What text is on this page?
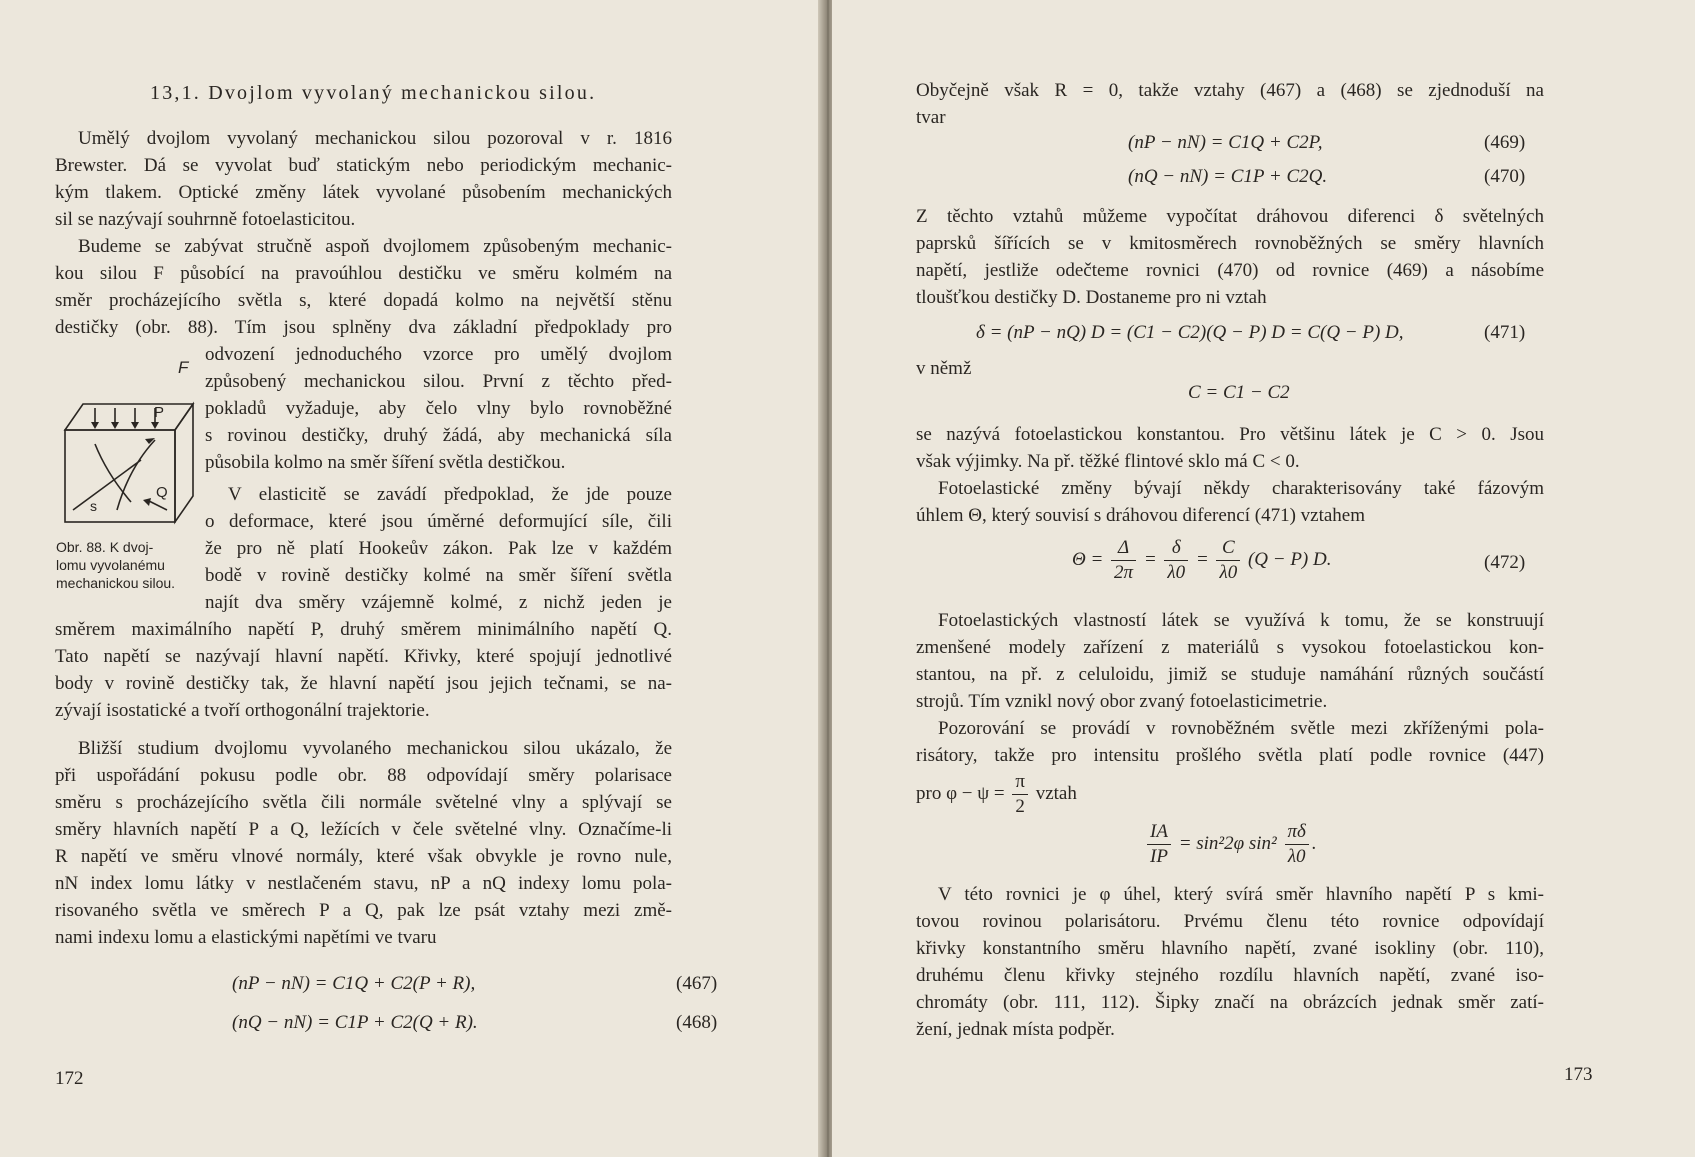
13,1. Dvojlom vyvolaný mechanickou silou.
Umělý dvojlom vyvolaný mechanickou silou pozoroval v r. 1816
Brewster. Dá se vyvolat buď statickým nebo periodickým mechanic-
kým tlakem. Optické změny látek vyvolané působením mechanických
sil se nazývají souhrnně fotoelasticitou.
Budeme se zabývat stručně aspoň dvojlomem způsobeným mechanic-
kou silou F působící na pravoúhlou destičku ve směru kolmém na
směr procházejícího světla s, které dopadá kolmo na největší stěnu
destičky (obr. 88). Tím jsou splněny dva základní předpoklady pro
odvození jednoduchého vzorce pro umělý dvojlom
způsobený mechanickou silou. První z těchto před-
pokladů vyžaduje, aby čelo vlny bylo rovnoběžné
s rovinou destičky, druhý žádá, aby mechanická síla
působila kolmo na směr šíření světla destičkou.
V elasticitě se zavádí předpoklad, že jde pouze
o deformace, které jsou úměrné deformující síle, čili
že pro ně platí Hookeův zákon. Pak lze v každém
bodě v rovině destičky kolmé na směr šíření světla
najít dva směry vzájemně kolmé, z nichž jeden je
směrem maximálního napětí P, druhý směrem minimálního napětí Q.
Tato napětí se nazývají hlavní napětí. Křivky, které spojují jednotlivé
body v rovině destičky tak, že hlavní napětí jsou jejich tečnami, se na-
zývají isostatické a tvoří orthogonální trajektorie.
Bližší studium dvojlomu vyvolaného mechanickou silou ukázalo, že
při uspořádání pokusu podle obr. 88 odpovídají směry polarisace
směru s procházejícího světla čili normále světelné vlny a splývají se
směry hlavních napětí P a Q, ležících v čele světelné vlny. Označíme-li
R napětí ve směru vlnové normály, které však obvykle je rovno nule,
nN index lomu látky v nestlačeném stavu, nP a nQ indexy lomu pola-
risovaného světla ve směrech P a Q, pak lze psát vztahy mezi změ-
nami indexu lomu a elastickými napětími ve tvaru
(nP − nN) = C1Q + C2(P + R),	(467)
(nQ − nN) = C1P + C2(Q + R).	(468)
F
P
Q
s
Obr. 88. K dvoj-
lomu vyvolanému
mechanickou silou.
172
Obyčejně však R = 0, takže vztahy (467) a (468) se zjednoduší na
tvar
(nP − nN) = C1Q + C2P,	(469)
(nQ − nN) = C1P + C2Q.	(470)
Z těchto vztahů můžeme vypočítat dráhovou diferenci δ světelných
paprsků šířících se v kmitosměrech rovnoběžných se směry hlavních
napětí, jestliže odečteme rovnici (470) od rovnice (469) a násobíme
tloušťkou destičky D. Dostaneme pro ni vztah
δ = (nP − nQ) D = (C1 − C2)(Q − P) D = C(Q − P) D,	(471)
v němž
C = C1 − C2
se nazývá fotoelastickou konstantou. Pro většinu látek je C > 0. Jsou
však výjimky. Na př. těžké flintové sklo má C < 0.
Fotoelastické změny bývají někdy charakterisovány také fázovým
úhlem Θ, který souvisí s dráhovou diferencí (471) vztahem
$\Theta = \frac{\Delta}{2\pi} = \frac{\delta}{\lambda 0} = \frac{C}{\lambda 0} (Q - P)$ D.	(472)
Fotoelastických vlastností látek se využívá k tomu, že se konstruují
zmenšené modely zařízení z materiálů s vysokou fotoelastickou kon-
stantou, na př. z celuloidu, jimiž se studuje namáhání různých součástí
strojů. Tím vznikl nový obor zvaný fotoelasticimetrie.
Pozorování se provádí v rovnoběžném světle mezi zkříženými pola-
risátory, takže pro intensitu prošlého světla platí podle rovnice (447)
pro $\varphi - \psi = \frac{\pi}{2}$ vztah
$\frac{IA}{IP} = \sin^22\varphi$ $\sin^2 \frac{\pi\delta}{\lambda 0}$ .
V této rovnici je φ úhel, který svírá směr hlavního napětí P s kmi-
tovou rovinou polarisátoru. Prvému členu této rovnice odpovídají
křivky konstantního směru hlavního napětí, zvané isokliny (obr. 110),
druhému členu křivky stejného rozdílu hlavních napětí, zvané iso-
chromáty (obr. 111, 112). Šipky značí na obrázcích jednak směr zatí-
žení, jednak místa podpěr.
173
